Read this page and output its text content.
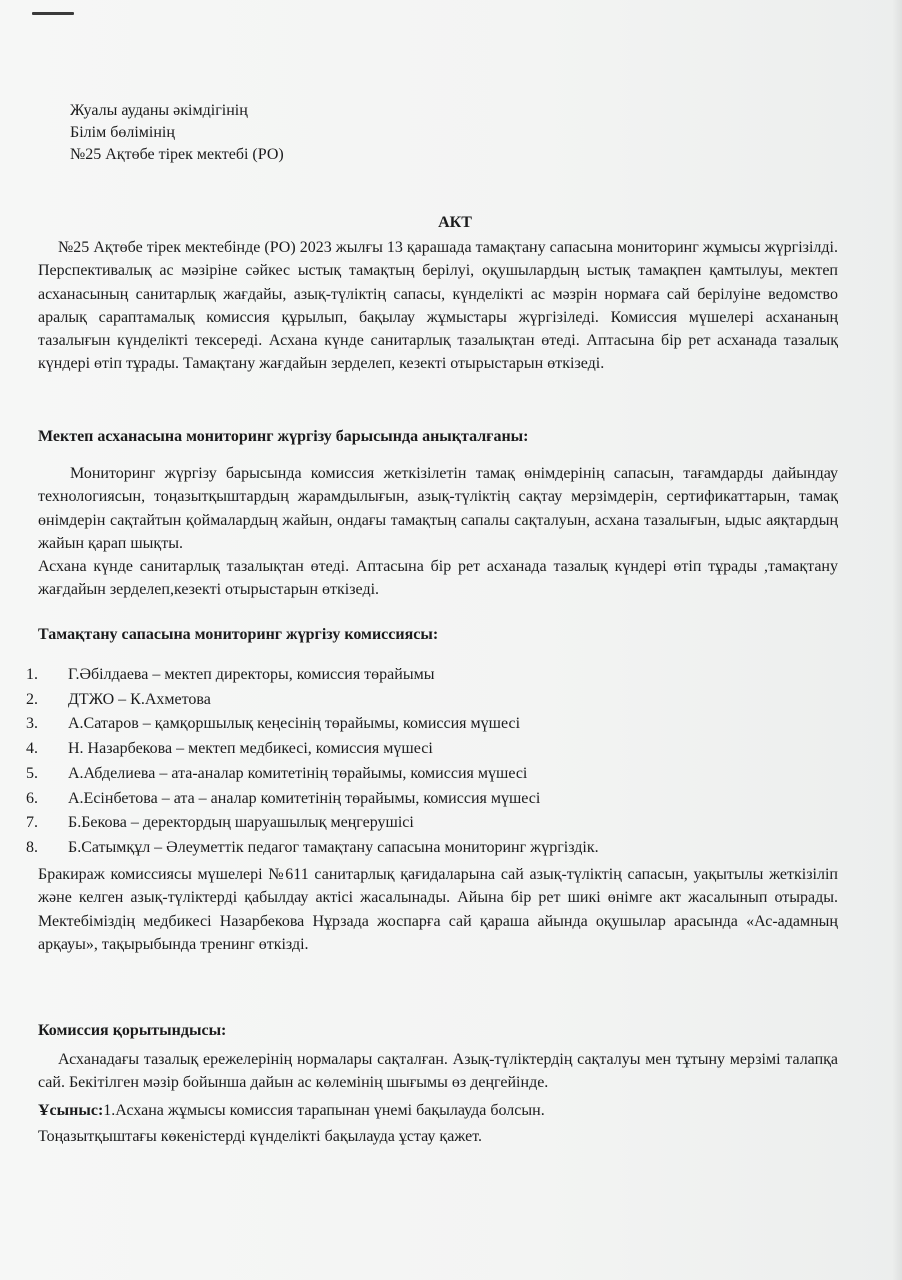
Жуалы ауданы әкімдігінің
Білім бөлімінің
№25 Ақтөбе тірек мектебі (РО)
АКТ

№25 Ақтөбе тірек мектебінде (РО) 2023 жылғы 13 қарашада тамақтану сапасына мониторинг жұмысы жүргізілді. Перспективалық ас мәзіріне сәйкес ыстық тамақтың берілуі, оқушылардың ыстық тамақпен қамтылуы, мектеп асханасының санитарлық жағдайы, азық-түліктің сапасы, күнделікті ас мәзрін нормаға сай берілуіне ведомство аралық сараптамалық комиссия құрылып, бақылау жұмыстары жүргізіледі. Комиссия мүшелері асхананың тазалығын күнделікті тексереді. Асхана күнде санитарлық тазалықтан өтеді. Аптасына бір рет асханада тазалық күндері өтіп тұрады. Тамақтану жағдайын зерделеп, кезекті отырыстарын өткізеді.

Мектеп асханасына мониторинг жүргізу барысында анықталғаны:

Мониторинг жүргізу барысында комиссия жеткізілетін тамақ өнімдерінің сапасын, тағамдарды дайындау технологиясын, тоңазытқыштардың жарамдылығын, азық-түліктің сақтау мерзімдерін, сертификаттарын, тамақ өнімдерін сақтайтын қоймалардың жайын, ондағы тамақтың сапалы сақталуын, асхана тазалығын, ыдыс аяқтардың жайын қарап шықты.

Асхана күнде санитарлық тазалықтан өтеді. Аптасына бір рет асханада тазалық күндері өтіп тұрады ,тамақтану жағдайын зерделеп,кезекті отырыстарын өткізеді.

Тамақтану сапасына мониторинг жүргізу комиссиясы:
1.	Г.Әбілдаева – мектеп директоры, комиссия төрайымы
2.	ДТЖО – К.Ахметова
3.	А.Сатаров – қамқоршылық кеңесінің төрайымы, комиссия мүшесі
4.	Н. Назарбекова – мектеп медбикесі, комиссия мүшесі
5.	А.Абделиева – ата-аналар комитетінің төрайымы, комиссия мүшесі
6.	А.Есінбетова – ата – аналар комитетінің төрайымы, комиссия мүшесі
7.	Б.Бекова – деректордың шаруашылық меңгерушісі
8.	Б.Сатымқұл – Әлеуметтік педагог тамақтану сапасына мониторинг жүргіздік.

Бракираж комиссиясы мүшелері №611 санитарлық қағидаларына сай азық-түліктің сапасын, уақытылы жеткізіліп және келген азық-түліктерді қабылдау актісі жасалынады. Айына бір рет шикі өнімге акт жасалынып отырады. Мектебіміздің медбикесі Назарбекова Нұрзада жоспарға сай қараша айында оқушылар арасында «Ас-адамның арқауы», тақырыбында тренинг өткізді.

Комиссия қорытындысы:

Асханадағы тазалық ережелерінің нормалары сақталған. Азық-түліктердің сақталуы мен тұтыну мерзімі талапқа сай. Бекітілген мәзір бойынша дайын ас көлемінің шығымы өз деңгейінде.

Ұсыныс:1.Асхана жұмысы комиссия тарапынан үнемі бақылауда болсын.
Тоңазытқыштағы көкеністерді күнделікті бақылауда ұстау қажет.
